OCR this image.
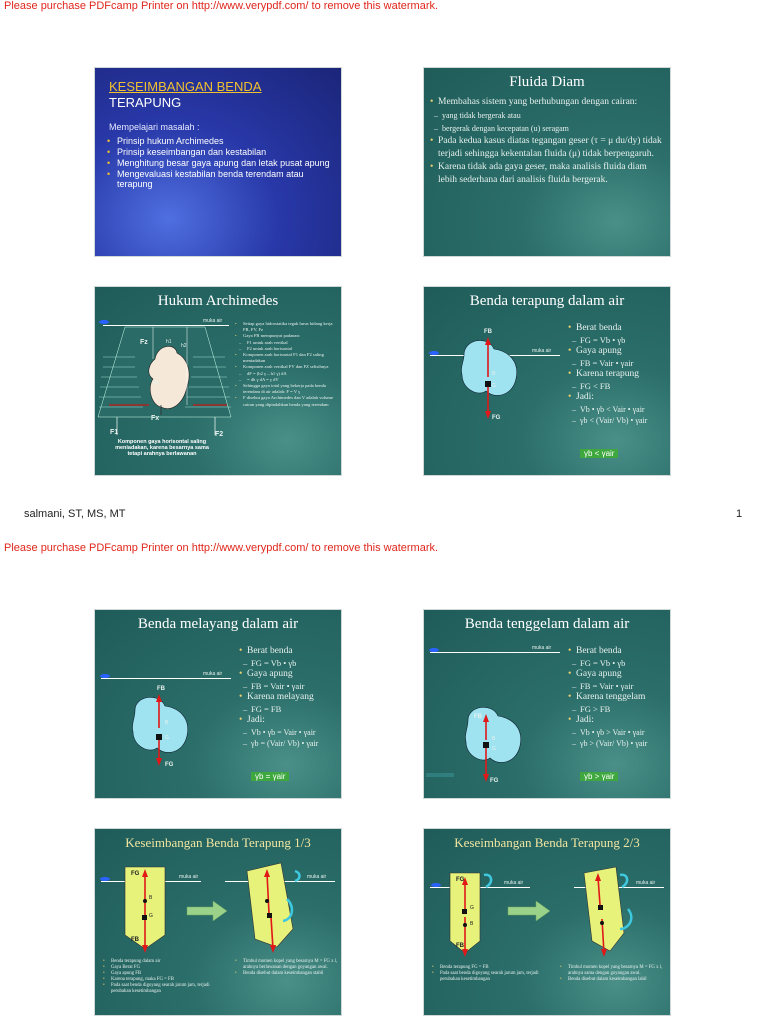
Please purchase PDFcamp Printer on http://www.verypdf.com/ to remove this watermark.
Please purchase PDFcamp Printer on http://www.verypdf.com/ to remove this watermark.
KESEIMBANGAN BENDA
TERAPUNG
Mempelajari masalah :
• Prinsip hukum Archimedes
• Prinsip keseimbangan dan kestabilan
• Menghitung besar gaya apung dan letak pusat apung
• Mengevaluasi kestabilan benda terendam atau terapung
Fluida Diam
• Membahas sistem yang berhubungan dengan cairan:
– yang tidak bergerak atau
– bergerak dengan kecepatan (u) seragam
• Pada kedua kasus diatas tegangan geser (τ = μ du/dy) tidak terjadi sehingga kekentalan fluida (μ) tidak berpengaruh.
• Karena tidak ada gaya geser, maka analisis fluida diam lebih sederhana dari analisis fluida bergerak.
Hukum Archimedes
muka air
Fz	h1
h2
dh
Fx
F1	F2
Komponen gaya horisontal saling meniadakan, karena besarnya sama tetapi arahnya berlawanan
• Setiap gaya hidrostatika tegak lurus bidang kerja FR, FV, Fz
• Gaya FR mempunyai padanan:
– F1 untuk arah vertikal
– F2 untuk arah horisontal
• Komponen arah horisontal F1 dan F2 saling meniadakan
• Komponen arah vertikal FV dan FZ selisihnya
– dF = (h2 γ – h1 γ) dA
– = dh γ dA = γ dV
• Sehingga gaya total yang bekerja pada benda terendam di air adalah: F = V γ
• F disebut gaya Archimedes dan V adalah volume cairan yang dipindahkan benda yang terendam
Benda terapung dalam air
muka air
FB
B
G
FG
• Berat benda
– FG = Vb • γb
• Gaya apung
– FB = Vair • γair
• Karena terapung
– FG < FB
• Jadi:
– Vb • γb < Vair • γair
– γb < (Vair/ Vb) • γair
γb < γair
salmani, ST, MS, MT	1
Benda melayang dalam air
muka air
FB
B
G
FG
• Berat benda
– FG = Vb • γb
• Gaya apung
– FB = Vair • γair
• Karena melayang
– FG = FB
• Jadi:
– Vb • γb = Vair • γair
– γb = (Vair/ Vb) • γair
γb = γair
Benda tenggelam dalam air
muka air
FB
B
G
FG
• Berat benda
– FG = Vb • γb
• Gaya apung
– FB = Vair • γair
• Karena tenggelam
– FG > FB
• Jadi:
– Vb • γb > Vair • γair
– γb > (Vair/ Vb) • γair
γb > γair
Keseimbangan Benda Terapung 1/3
muka air	muka air
FG
B
G
FB
• Benda terapung dalam air
• Gaya Berat FG
• Gaya apung FB
• Karena terapung, maka FG = FB
• Pada saat benda digoyang searah jarum jam, terjadi perubahan kesetimbangan
• Timbul momen kopel yang besarnya M = FG x l, arahnya berlawanan dengan goyangan awal.
• Benda disebut dalam keseimbangan stabil
Keseimbangan Benda Terapung 2/3
muka air	muka air
FG
G
B
FB
• Benda terapung FG = FB
• Pada saat benda digoyang searah jarum jam, terjadi perubahan kesetimbangan
• Timbul momen kopel yang besarnya M = FG x l, arahnya sama dengan goyangan awal.
• Benda disebut dalam keseimbangan labil
